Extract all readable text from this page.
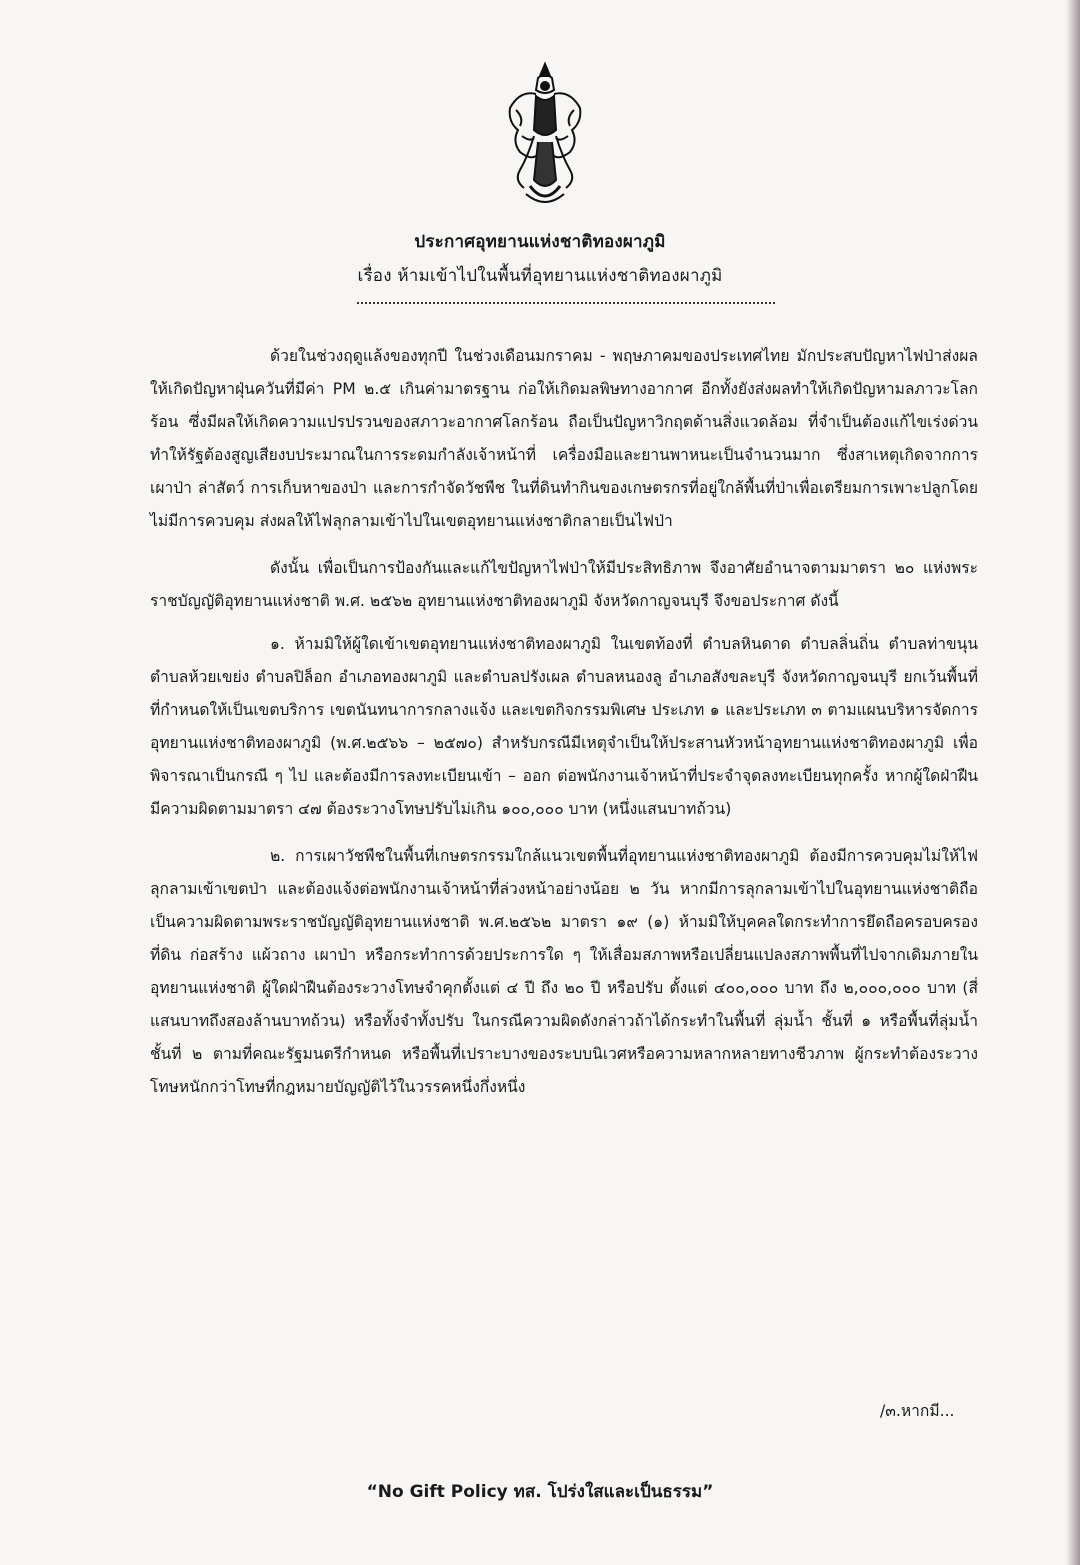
ประกาศอุทยานแห่งชาติทองผาภูมิ
เรื่อง ห้ามเข้าไปในพื้นที่อุทยานแห่งชาติทองผาภูมิ

ด้วยในช่วงฤดูแล้งของทุกปี ในช่วงเดือนมกราคม - พฤษภาคมของประเทศไทย มักประสบปัญหาไฟป่าส่งผลให้เกิดปัญหาฝุ่นควันที่มีค่า PM ๒.๕ เกินค่ามาตรฐาน ก่อให้เกิดมลพิษทางอากาศ อีกทั้งยังส่งผลทำให้เกิดปัญหามลภาวะโลกร้อน ซึ่งมีผลให้เกิดความแปรปรวนของสภาวะอากาศโลกร้อน ถือเป็นปัญหาวิกฤตด้านสิ่งแวดล้อม ที่จำเป็นต้องแก้ไขเร่งด่วน ทำให้รัฐต้องสูญเสียงบประมาณในการระดมกำลังเจ้าหน้าที่ เครื่องมือและยานพาหนะเป็นจำนวนมาก ซึ่งสาเหตุเกิดจากการเผาป่า ล่าสัตว์ การเก็บหาของป่า และการกำจัดวัชพืช ในที่ดินทำกินของเกษตรกรที่อยู่ใกล้พื้นที่ป่าเพื่อเตรียมการเพาะปลูกโดยไม่มีการควบคุม ส่งผลให้ไฟลุกลามเข้าไปในเขตอุทยานแห่งชาติกลายเป็นไฟป่า

ดังนั้น เพื่อเป็นการป้องกันและแก้ไขปัญหาไฟป่าให้มีประสิทธิภาพ จึงอาศัยอำนาจตามมาตรา ๒๐ แห่งพระราชบัญญัติอุทยานแห่งชาติ พ.ศ. ๒๕๖๒ อุทยานแห่งชาติทองผาภูมิ จังหวัดกาญจนบุรี จึงขอประกาศ ดังนี้

๑. ห้ามมิให้ผู้ใดเข้าเขตอุทยานแห่งชาติทองผาภูมิ ในเขตท้องที่ ตำบลหินดาด ตำบลลิ่นถิ่น ตำบลท่าขนุน ตำบลห้วยเขย่ง ตำบลปิล็อก อำเภอทองผาภูมิ และตำบลปรังเผล ตำบลหนองลู อำเภอสังขละบุรี จังหวัดกาญจนบุรี ยกเว้นพื้นที่ที่กำหนดให้เป็นเขตบริการ เขตนันทนาการกลางแจ้ง และเขตกิจกรรมพิเศษ ประเภท ๑ และประเภท ๓ ตามแผนบริหารจัดการอุทยานแห่งชาติทองผาภูมิ (พ.ศ.๒๕๖๖ – ๒๕๗๐) สำหรับกรณีมีเหตุจำเป็นให้ประสานหัวหน้าอุทยานแห่งชาติทองผาภูมิ เพื่อพิจารณาเป็นกรณี ๆ ไป และต้องมีการลงทะเบียนเข้า – ออก ต่อพนักงานเจ้าหน้าที่ประจำจุดลงทะเบียนทุกครั้ง หากผู้ใดฝ่าฝืน มีความผิดตามมาตรา ๔๗ ต้องระวางโทษปรับไม่เกิน ๑๐๐,๐๐๐ บาท (หนึ่งแสนบาทถ้วน)

๒. การเผาวัชพืชในพื้นที่เกษตรกรรมใกล้แนวเขตพื้นที่อุทยานแห่งชาติทองผาภูมิ ต้องมีการควบคุมไม่ให้ไฟลุกลามเข้าเขตป่า และต้องแจ้งต่อพนักงานเจ้าหน้าที่ล่วงหน้าอย่างน้อย ๒ วัน หากมีการลุกลามเข้าไปในอุทยานแห่งชาติถือเป็นความผิดตามพระราชบัญญัติอุทยานแห่งชาติ พ.ศ.๒๕๖๒ มาตรา ๑๙ (๑) ห้ามมิให้บุคคลใดกระทำการยึดถือครอบครองที่ดิน ก่อสร้าง แผ้วถาง เผาป่า หรือกระทำการด้วยประการใด ๆ ให้เสื่อมสภาพหรือเปลี่ยนแปลงสภาพพื้นที่ไปจากเดิมภายในอุทยานแห่งชาติ ผู้ใดฝ่าฝืนต้องระวางโทษจำคุกตั้งแต่ ๔ ปี ถึง ๒๐ ปี หรือปรับ ตั้งแต่ ๔๐๐,๐๐๐ บาท ถึง ๒,๐๐๐,๐๐๐ บาท (สี่แสนบาทถึงสองล้านบาทถ้วน) หรือทั้งจำทั้งปรับ ในกรณีความผิดดังกล่าวถ้าได้กระทำในพื้นที่ ลุ่มน้ำ ชั้นที่ ๑ หรือพื้นที่ลุ่มน้ำ ชั้นที่ ๒ ตามที่คณะรัฐมนตรีกำหนด หรือพื้นที่เปราะบางของระบบนิเวศหรือความหลากหลายทางชีวภาพ ผู้กระทำต้องระวางโทษหนักกว่าโทษที่กฎหมายบัญญัติไว้ในวรรคหนึ่งกึ่งหนึ่ง

/๓.หากมี...
“No Gift Policy ทส. โปร่งใสและเป็นธรรม”
